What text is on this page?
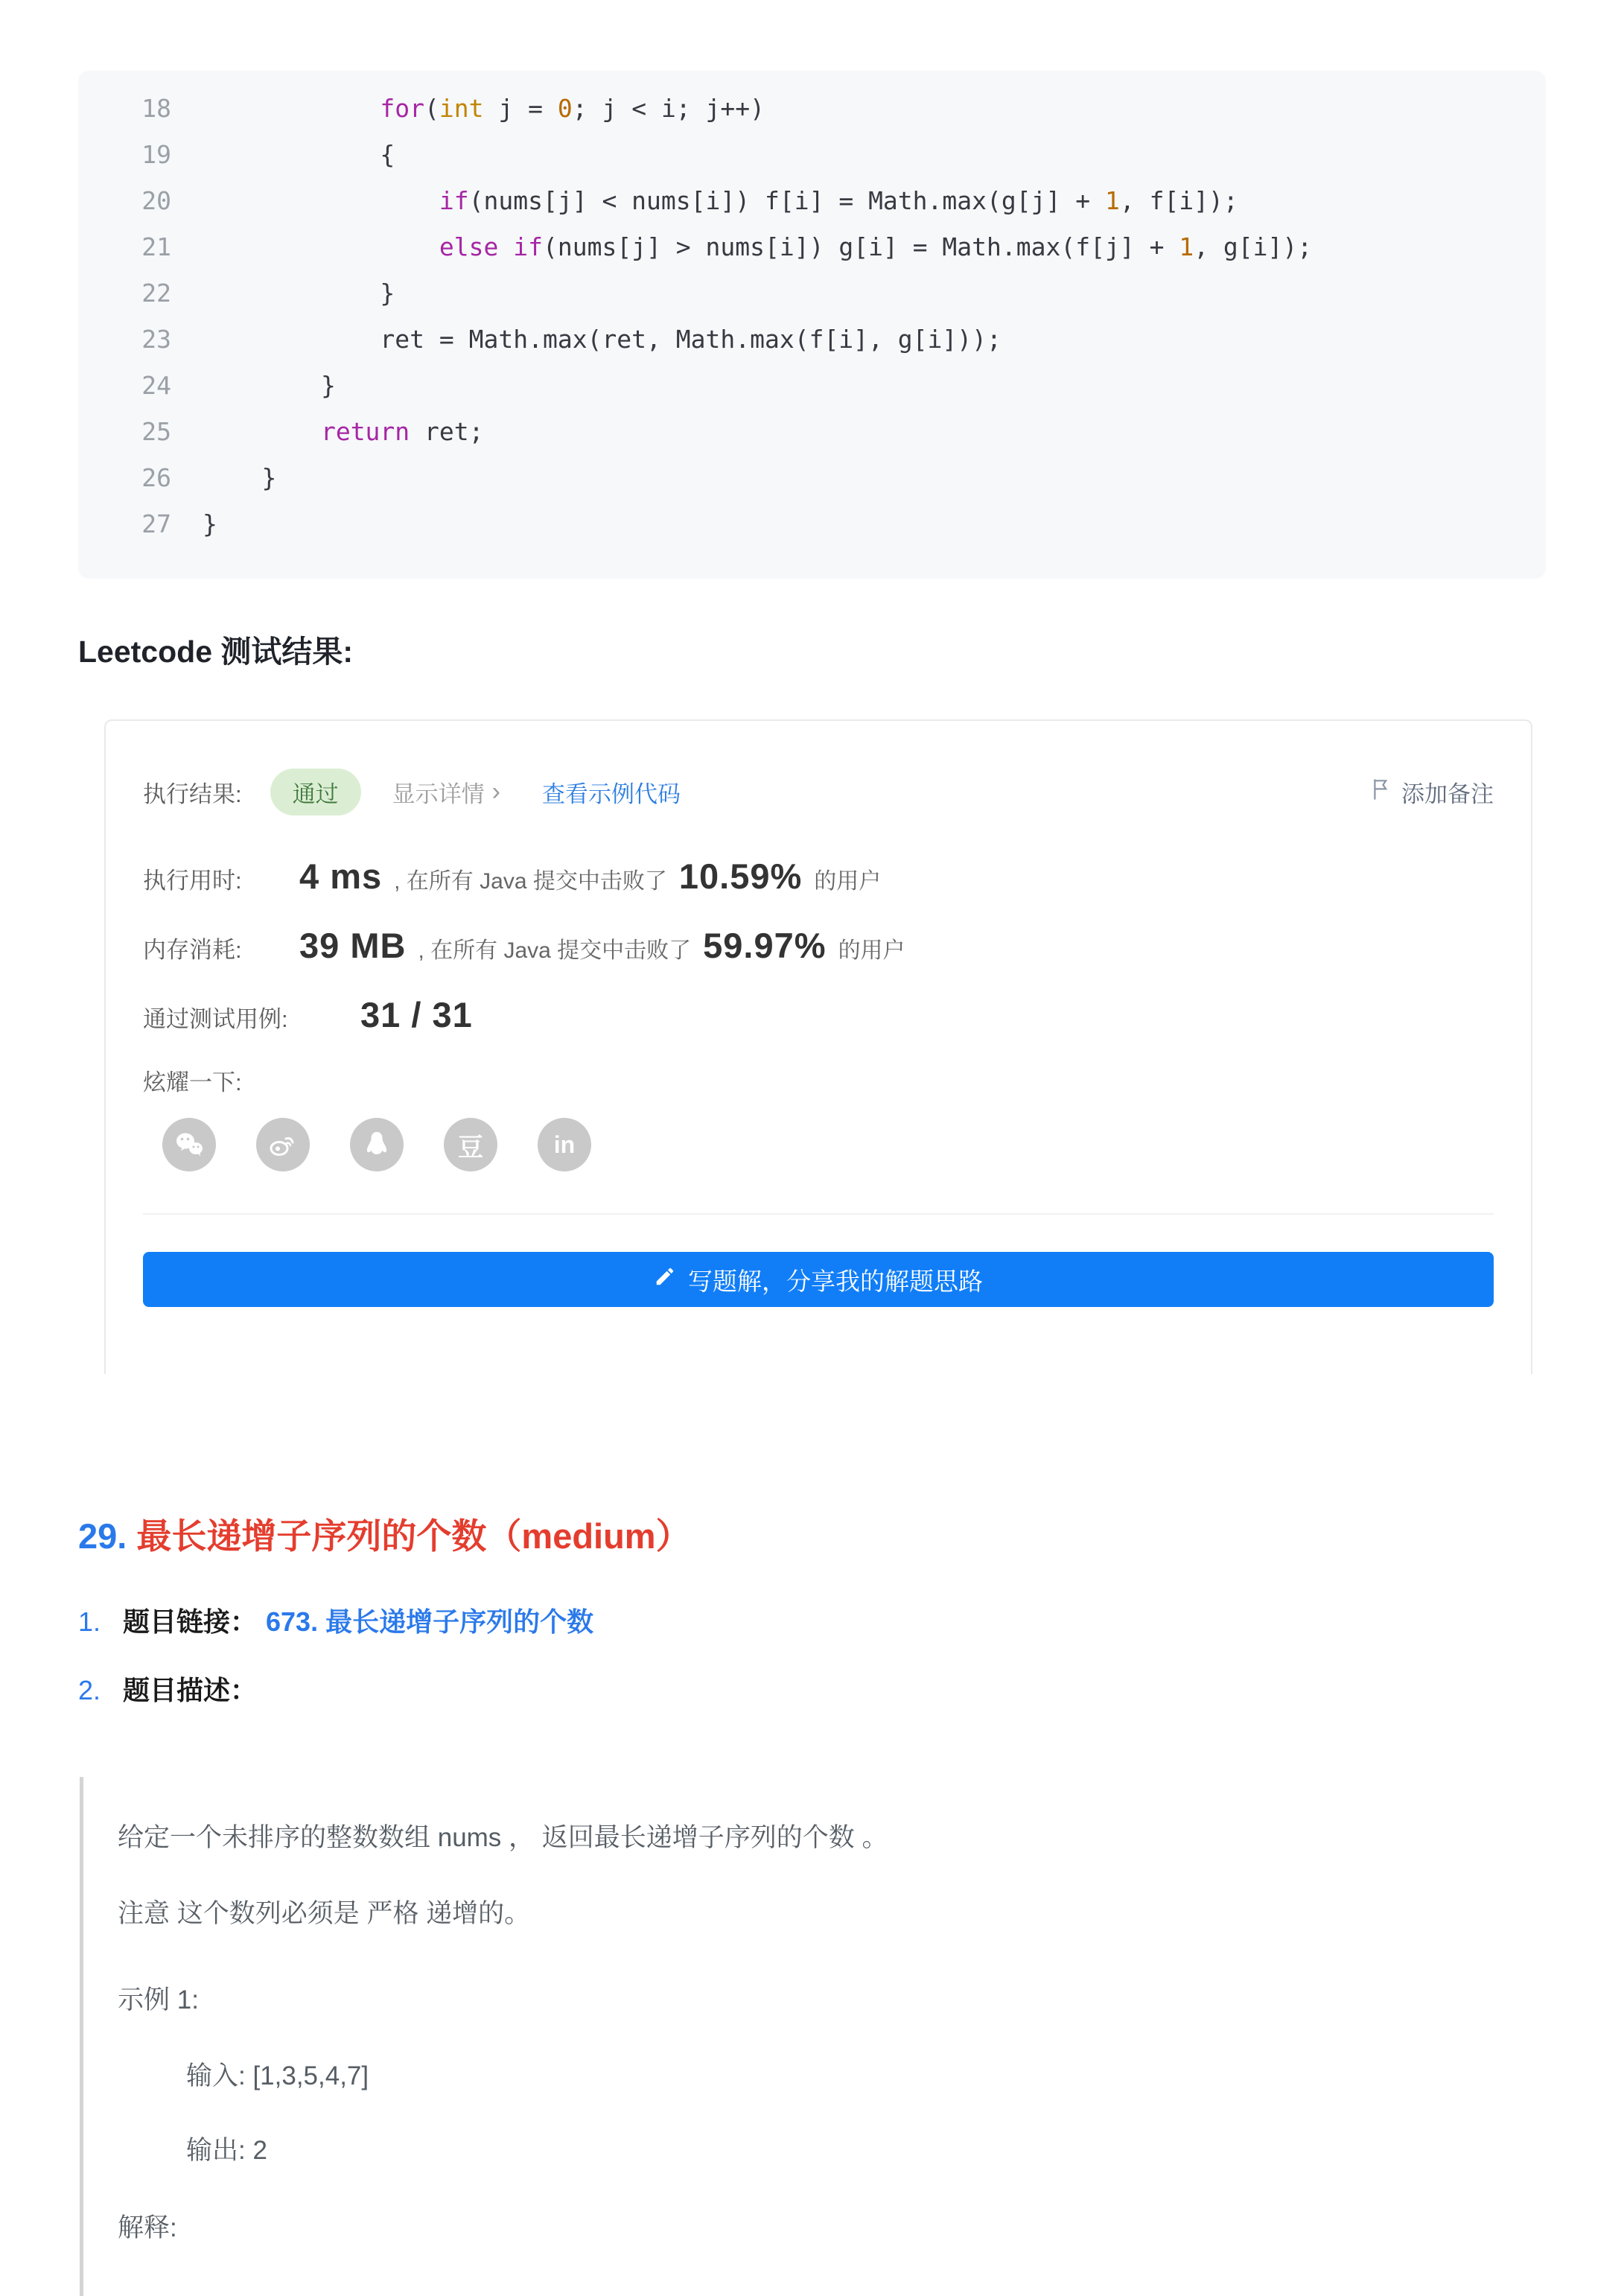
18	for(int j = 0; j < i; j++)
19 {
20	if(nums[j] < nums[i]) f[i] = Math.max(g[j] + 1, f[i]);
21	else if(nums[j] > nums[i]) g[i] = Math.max(f[j] + 1, g[i]);
22 }
23 ret = Math.max(ret, Math.max(f[i], g[i]));
24 }
25	return ret;
26 }
27 }
Leetcode 测试结果:
执行结果:	通过	显示详情 › 查看示例代码	添加备注
执行用时:	4 ms , 在所有 Java 提交中击败了 10.59% 的用户
内存消耗:	39 MB , 在所有 Java 提交中击败了 59.97% 的用户
通过测试用例:	31 / 31
炫耀一下:
豆	in
写题解，分享我的解题思路
29. 最长递增子序列的个数（medium）
1. 题目链接： 673. 最长递增子序列的个数
2. 题目描述：

给定一个未排序的整数数组 nums ， 返回最长递增子序列的个数 。

注意 这个数列必须是 严格 递增的。

示例 1:

输入: [1,3,5,4,7]

输出: 2

解释:
